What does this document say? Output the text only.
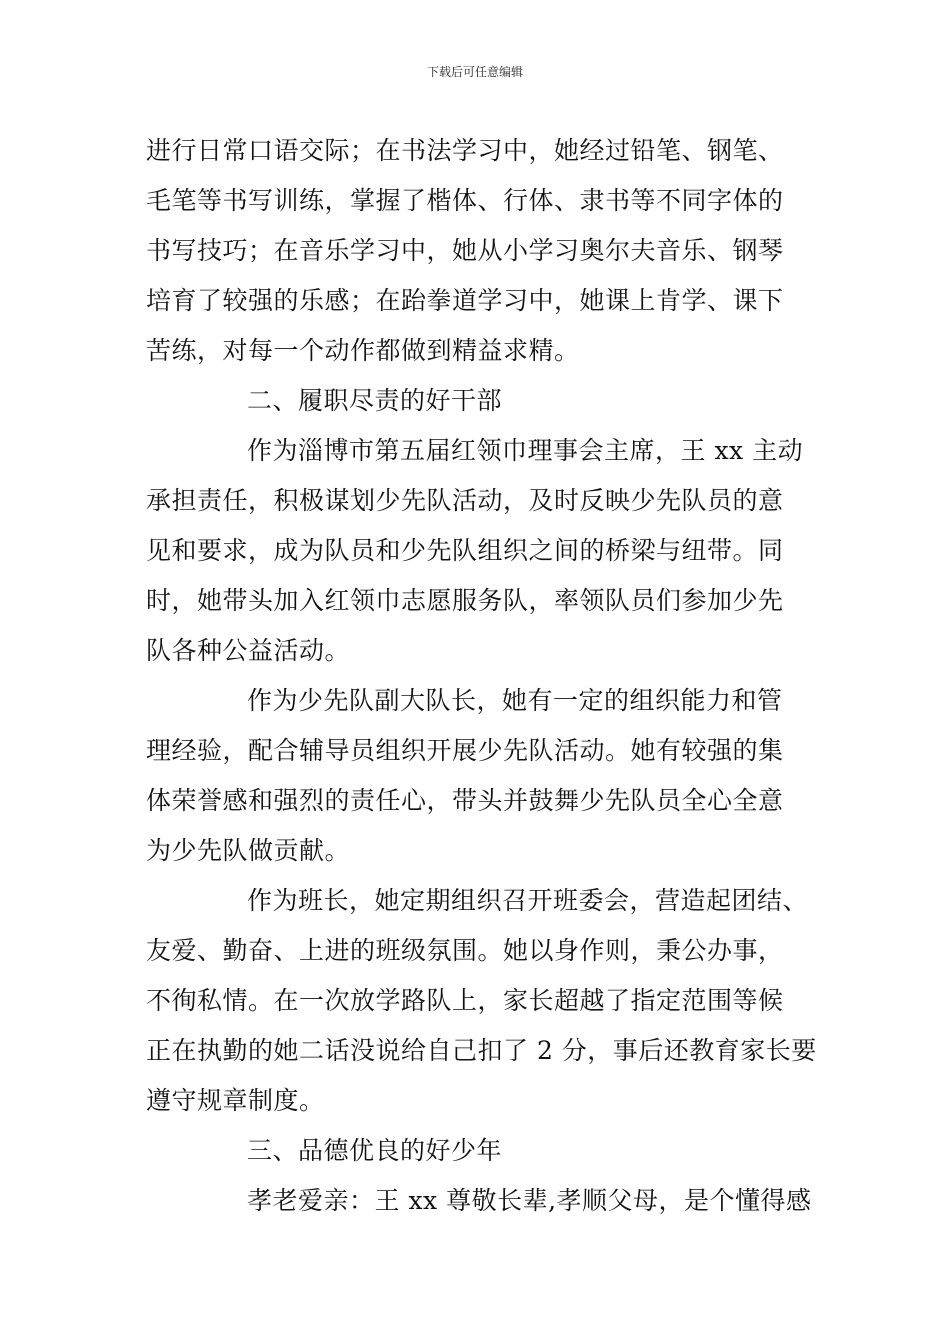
下载后可任意编辑
进行日常口语交际；在书法学习中，她经过铅笔、钢笔、
毛笔等书写训练，掌握了楷体、行体、隶书等不同字体的
书写技巧；在音乐学习中，她从小学习奥尔夫音乐、钢琴
培育了较强的乐感；在跆拳道学习中，她课上肯学、课下
苦练，对每一个动作都做到精益求精。
二、履职尽责的好干部
作为淄博市第五届红领巾理事会主席，王 xx 主动
承担责任，积极谋划少先队活动，及时反映少先队员的意
见和要求，成为队员和少先队组织之间的桥梁与纽带。同
时，她带头加入红领巾志愿服务队，率领队员们参加少先
队各种公益活动。
作为少先队副大队长，她有一定的组织能力和管
理经验，配合辅导员组织开展少先队活动。她有较强的集
体荣誉感和强烈的责任心，带头并鼓舞少先队员全心全意
为少先队做贡献。
作为班长，她定期组织召开班委会，营造起团结、
友爱、勤奋、上进的班级氛围。她以身作则，秉公办事，
不徇私情。在一次放学路队上，家长超越了指定范围等候
正在执勤的她二话没说给自己扣了 2 分，事后还教育家长要
遵守规章制度。
三、品德优良的好少年
孝老爱亲：王 xx 尊敬长辈,孝顺父母，是个懂得感
